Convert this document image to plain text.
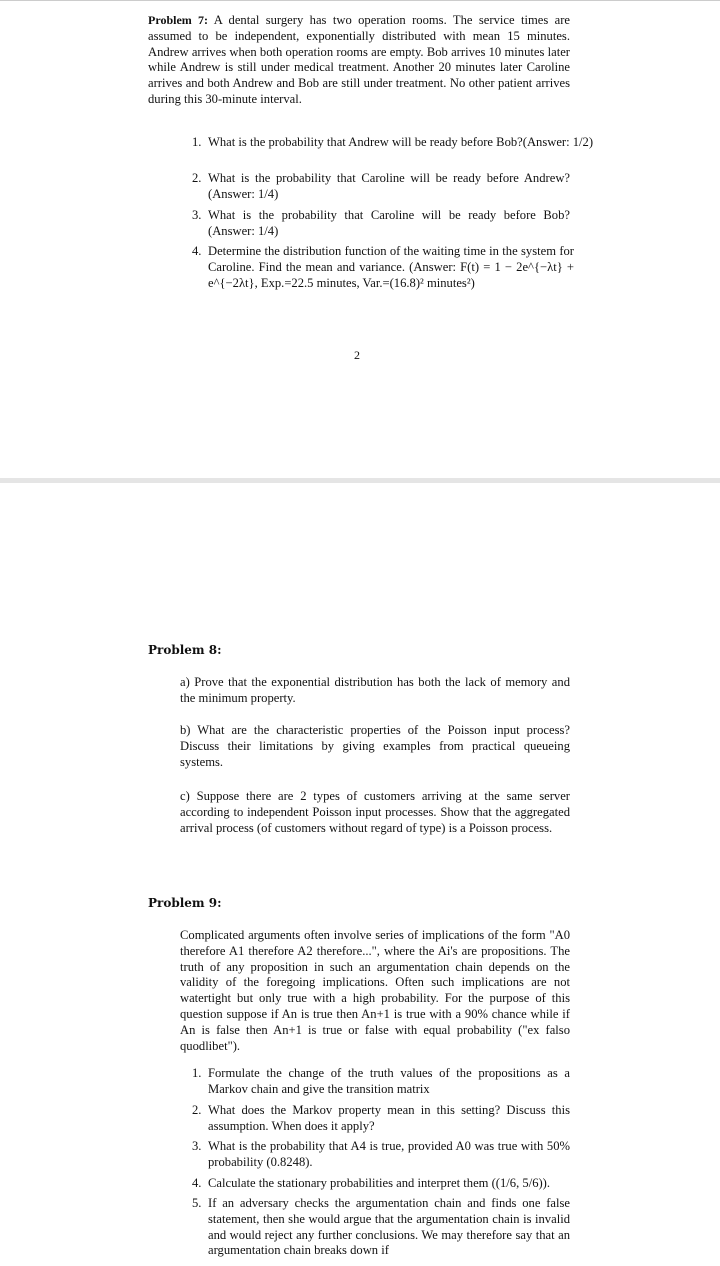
Problem 7: A dental surgery has two operation rooms. The service times are assumed to be independent, exponentially distributed with mean 15 minutes. Andrew arrives when both operation rooms are empty. Bob arrives 10 minutes later while Andrew is still under medical treatment. Another 20 minutes later Caroline arrives and both Andrew and Bob are still under treatment. No other patient arrives during this 30-minute interval.
1. What is the probability that Andrew will be ready before Bob?(Answer: 1/2)
2. What is the probability that Caroline will be ready before Andrew?(Answer: 1/4)
3. What is the probability that Caroline will be ready before Bob? (Answer: 1/4)
4. Determine the distribution function of the waiting time in the system for Caroline. Find the mean and variance. (Answer: F(t) = 1 − 2e^{−λt} + e^{−2λt}, Exp.=22.5 minutes, Var.=(16.8)² minutes²)
2
Problem 8:
a) Prove that the exponential distribution has both the lack of memory and the minimum property.
b) What are the characteristic properties of the Poisson input process? Discuss their limitations by giving examples from practical queueing systems.
c) Suppose there are 2 types of customers arriving at the same server according to independent Poisson input processes. Show that the aggregated arrival process (of customers without regard of type) is a Poisson process.
Problem 9:
Complicated arguments often involve series of implications of the form "A0 therefore A1 therefore A2 therefore...", where the Ai's are propositions. The truth of any proposition in such an argumentation chain depends on the validity of the foregoing implications. Often such implications are not watertight but only true with a high probability. For the purpose of this question suppose if An is true then An+1 is true with a 90% chance while if An is false then An+1 is true or false with equal probability ("ex falso quodlibet").
1. Formulate the change of the truth values of the propositions as a Markov chain and give the transition matrix
2. What does the Markov property mean in this setting? Discuss this assumption. When does it apply?
3. What is the probability that A4 is true, provided A0 was true with 50% probability (0.8248).
4. Calculate the stationary probabilities and interpret them ((1/6, 5/6)).
5. If an adversary checks the argumentation chain and finds one false statement, then she would argue that the argumentation chain is invalid and would reject any further conclusions. We may therefore say that an argumentation chain breaks down if
